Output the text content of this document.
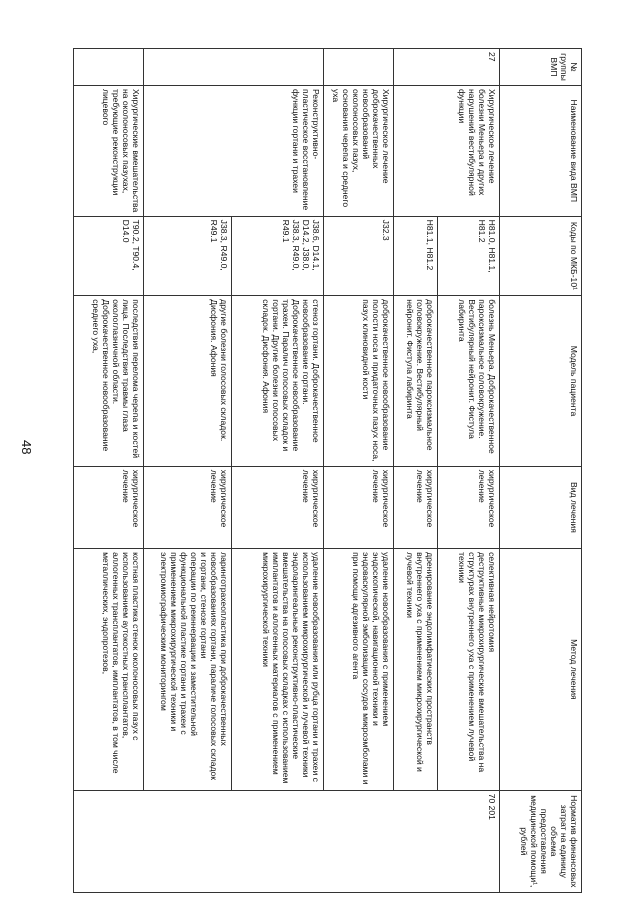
48
№ группы ВМП	Наименование вида ВМП	Коды по МКБ-10¹	Модель пациента	Вид лечения	Метод лечения	Норматив финансовых затрат на единицу объема предоставления медицинской помощи¹, рублей
27	Хирургическое лечение болезни Меньера и других нарушений вестибулярной функции	H81.0, H81.1, H81.2	болезнь Меньера. Доброкачественное пароксизмальное головокружение. Вестибулярный нейронит. Фистула лабиринта	хирургическое лечение	селективная нейротомия
деструктивные микрохирургические вмешательства на структурах внутреннего уха с применением лучевой техники	70 201
		H81.1, H81.2	доброкачественное пароксизмальное головокружение. Вестибулярный нейронит. Фистула лабиринта	хирургическое лечение	дренирование эндолимфатических пространств внутреннего уха с применением микрохирургической и лучевой техники	

	Хирургическое лечение доброкачественных новообразований околоносовых пазух, основания черепа и среднего уха	J32.3	доброкачественное новообразование полости носа и придаточных пазух носа, пазух клиновидной кости	хирургическое лечение	удаление новообразования с применением эндоскопической, навигационной техники и эндоваскулярной эмболизации сосудов микроэмболами и при помощи адгезивного агента	

	Реконструктивно-пластическое восстановление функции гортани и трахеи	J38.6, D14.1, D14.2, J38.0, J38.3, R49.0, R49.1	стеноз гортани. Доброкачественное новообразование гортани. Доброкачественное новообразование трахеи. Паралич голосовых складок и гортани. Другие болезни голосовых складок. Дисфония. Афония	хирургическое лечение	удаление новообразования или рубца гортани и трахеи с использованием микрохирургической и лучевой техники
эндоларингеальные реконструктивно-пластические вмешательства на голосовых складках с использованием имплантатов и аллогенных материалов с применением микрохирургической техники	

		J38.3, R49.0, R49.1	другие болезни голосовых складок. Дисфония. Афония	хирургическое лечение	ларинготрахеопластика при доброкачественных новообразованиях гортани, параличе голосовых складок и гортани, стенозе гортани
операции по реиннервации и заместительной функциональной пластике гортани и трахеи с применением микрохирургической техники и электромиографическим мониторингом	

	Хирургические вмешательства на околоносовых пазухах, требующие реконструкции лицевого	T90.2, T90.4, D14.0	последствия перелома черепа и костей лица. Последствия травмы глаза окологлазничной области. Доброкачественное новообразование среднего уха,	хирургическое лечение	костная пластика стенок околоносовых пазух с использованием аутокостных трансплантатов, аллогенных трансплантатов, имплантатов, в том числе металлических, эндопротезов,	
